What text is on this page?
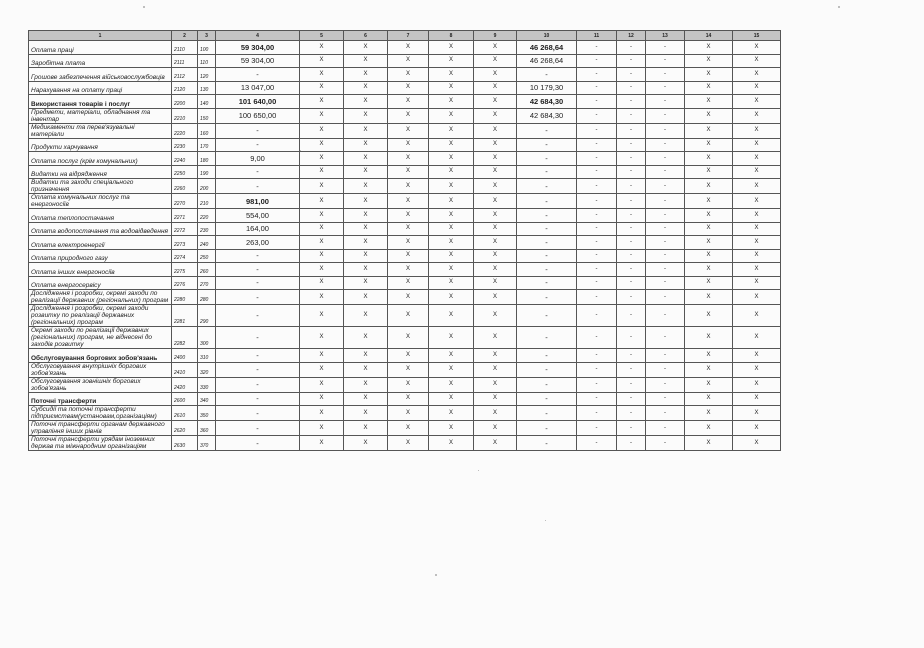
1	2	3	4	5	6	7	8	9	10	11	12	13	14	15
Оплата праці	2110	100	59 304,00	X	X	X	X	X	46 268,64	-	-	-	X	X
Заробітна плата	2111	110	59 304,00	X	X	X	X	X	46 268,64	-	-	-	X	X
Грошове забезпечення військовослужбовців	2112	120	-	X	X	X	X	X	-	-	-	-	X	X
Нарахування на оплату праці	2120	130	13 047,00	X	X	X	X	X	10 179,30	-	-	-	X	X
Використання товарів і послуг	2200	140	101 640,00	X	X	X	X	X	42 684,30	-	-	-	X	X
Предмети, матеріали, обладнання та інвентар	2210	150	100 650,00	X	X	X	X	X	42 684,30	-	-	-	X	X
Медикаменти та перев'язувальні матеріали	2220	160	-	X	X	X	X	X	-	-	-	-	X	X
Продукти харчування	2230	170	-	X	X	X	X	X	-	-	-	-	X	X
Оплата послуг (крім комунальних)	2240	180	9,00	X	X	X	X	X	-	-	-	-	X	X
Видатки на відрядження	2250	190	-	X	X	X	X	X	-	-	-	-	X	X
Видатки та заходи спеціального призначення	2260	200	-	X	X	X	X	X	-	-	-	-	X	X
Оплата комунальних послуг та енергоносіїв	2270	210	981,00	X	X	X	X	X	-	-	-	-	X	X
Оплата теплопостачання	2271	220	554,00	X	X	X	X	X	-	-	-	-	X	X
Оплата водопостачання та водовідведення	2272	230	164,00	X	X	X	X	X	-	-	-	-	X	X
Оплата електроенергії	2273	240	263,00	X	X	X	X	X	-	-	-	-	X	X
Оплата природного газу	2274	250	-	X	X	X	X	X	-	-	-	-	X	X
Оплата інших енергоносіїв	2275	260	-	X	X	X	X	X	-	-	-	-	X	X
Оплата енергосервісу	2276	270	-	X	X	X	X	X	-	-	-	-	X	X
Дослідження і розробки, окремі заходи по реалізації державних (регіональних) програм	2280	280	-	X	X	X	X	X	-	-	-	-	X	X
Дослідження і розробки, окремі заходи розвитку по реалізації державних (регіональних) програм	2281	290	-	X	X	X	X	X	-	-	-	-	X	X
Окремі заходи по реалізації державних (регіональних) програм, не віднесені до заходів розвитку	2282	300	-	X	X	X	X	X	-	-	-	-	X	X
Обслуговування боргових зобов'язань	2400	310	-	X	X	X	X	X	-	-	-	-	X	X
Обслуговування внутрішніх боргових зобов'язань	2410	320	-	X	X	X	X	X	-	-	-	-	X	X
Обслуговування зовнішніх боргових зобов'язань	2420	330	-	X	X	X	X	X	-	-	-	-	X	X
Поточні трансферти	2600	340	-	X	X	X	X	X	-	-	-	-	X	X
Субсидії та поточні трансферти підприємствам(установам,організаціям)	2610	350	-	X	X	X	X	X	-	-	-	-	X	X
Поточні трансферти органам державного управління інших рівнів	2620	360	-	X	X	X	X	X	-	-	-	-	X	X
Поточні трансферти урядам іноземних держав та міжнародним організаціям	2630	370	-	X	X	X	X	X	-	-	-	-	X	X
